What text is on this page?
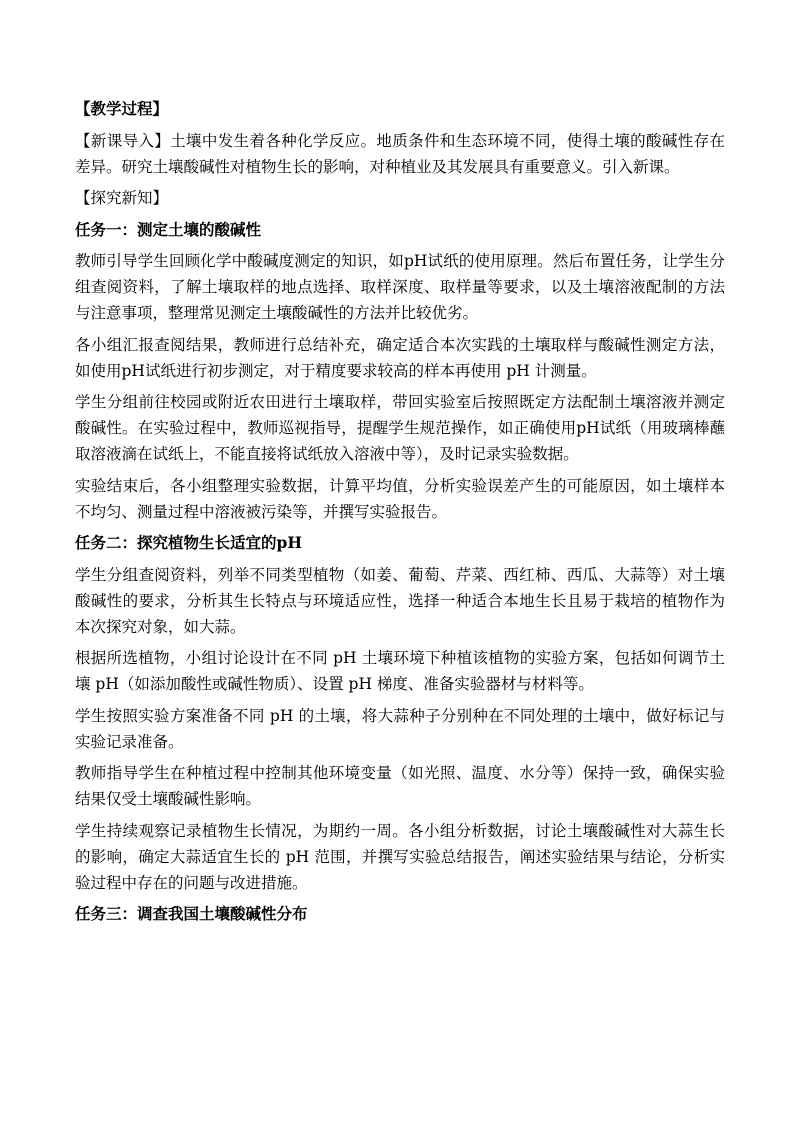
【教学过程】

【新课导入】土壤中发生着各种化学反应。地质条件和生态环境不同，使得土壤的酸碱性存在差异。研究土壤酸碱性对植物生长的影响，对种植业及其发展具有重要意义。引入新课。

【探究新知】

任务一：测定土壤的酸碱性

教师引导学生回顾化学中酸碱度测定的知识，如pH试纸的使用原理。然后布置任务，让学生分组查阅资料，了解土壤取样的地点选择、取样深度、取样量等要求，以及土壤溶液配制的方法与注意事项，整理常见测定土壤酸碱性的方法并比较优劣。

各小组汇报查阅结果，教师进行总结补充，确定适合本次实践的土壤取样与酸碱性测定方法，如使用pH试纸进行初步测定，对于精度要求较高的样本再使用 pH 计测量。

学生分组前往校园或附近农田进行土壤取样，带回实验室后按照既定方法配制土壤溶液并测定酸碱性。在实验过程中，教师巡视指导，提醒学生规范操作，如正确使用pH试纸（用玻璃棒蘸取溶液滴在试纸上，不能直接将试纸放入溶液中等），及时记录实验数据。

实验结束后，各小组整理实验数据，计算平均值，分析实验误差产生的可能原因，如土壤样本不均匀、测量过程中溶液被污染等，并撰写实验报告。

任务二：探究植物生长适宜的pH

学生分组查阅资料，列举不同类型植物（如姜、葡萄、芹菜、西红柿、西瓜、大蒜等）对土壤酸碱性的要求，分析其生长特点与环境适应性，选择一种适合本地生长且易于栽培的植物作为本次探究对象，如大蒜。

根据所选植物，小组讨论设计在不同 pH 土壤环境下种植该植物的实验方案，包括如何调节土壤 pH（如添加酸性或碱性物质）、设置 pH 梯度、准备实验器材与材料等。

学生按照实验方案准备不同 pH 的土壤，将大蒜种子分别种在不同处理的土壤中，做好标记与实验记录准备。

教师指导学生在种植过程中控制其他环境变量（如光照、温度、水分等）保持一致，确保实验结果仅受土壤酸碱性影响。

学生持续观察记录植物生长情况，为期约一周。各小组分析数据，讨论土壤酸碱性对大蒜生长的影响，确定大蒜适宜生长的 pH 范围，并撰写实验总结报告，阐述实验结果与结论，分析实验过程中存在的问题与改进措施。

任务三：调查我国土壤酸碱性分布
